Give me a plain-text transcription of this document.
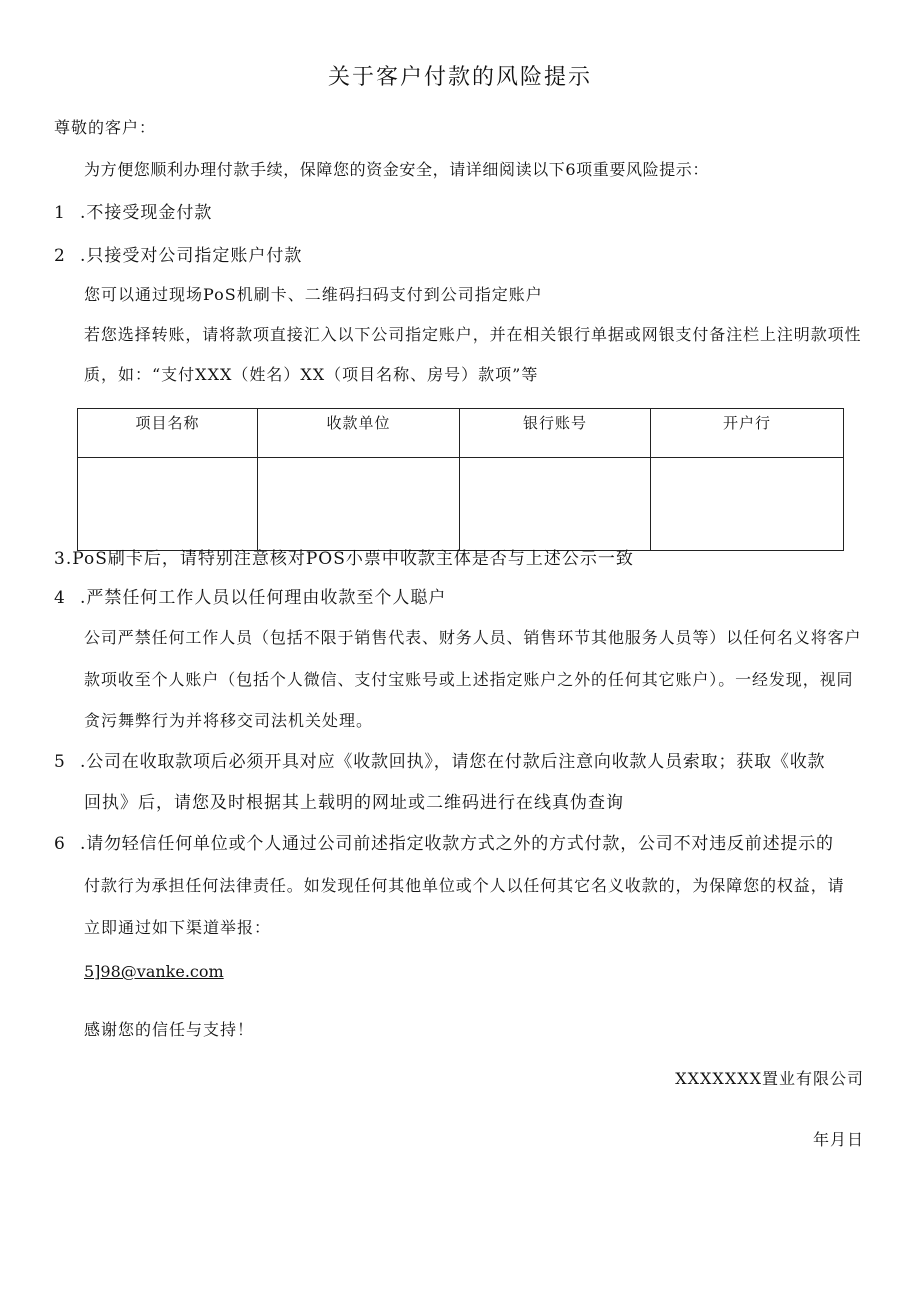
关于客户付款的风险提示
尊敬的客户：
为方便您顺利办理付款手续，保障您的资金安全，请详细阅读以下6项重要风险提示：
1 .不接受现金付款
2 .只接受对公司指定账户付款
您可以通过现场PoS机刷卡、二维码扫码支付到公司指定账户
若您选择转账，请将款项直接汇入以下公司指定账户，并在相关银行单据或网银支付备注栏上注明款项性
质，如：“支付XXX（姓名）XX（项目名称、房号）款项”等
项目名称	收款单位	银行账号	开户行

3.PoS刷卡后，请特别注意核对POS小票中收款主体是否与上述公示一致
4 .严禁任何工作人员以任何理由收款至个人聪户
公司严禁任何工作人员（包括不限于销售代表、财务人员、销售环节其他服务人员等）以任何名义将客户
款项收至个人账户（包括个人微信、支付宝账号或上述指定账户之外的任何其它账户）。一经发现，视同
贪污舞弊行为并将移交司法机关处理。
5 .公司在收取款项后必须开具对应《收款回执》，请您在付款后注意向收款人员索取；获取《收款
回执》后，请您及时根据其上载明的网址或二维码进行在线真伪查询
6 .请勿轻信任何单位或个人通过公司前述指定收款方式之外的方式付款，公司不对违反前述提示的
付款行为承担任何法律责任。如发现任何其他单位或个人以任何其它名义收款的，为保障您的权益，请
立即通过如下渠道举报：
5]98@vanke.com
感谢您的信任与支持！
XXXXXXX置业有限公司
年月日
